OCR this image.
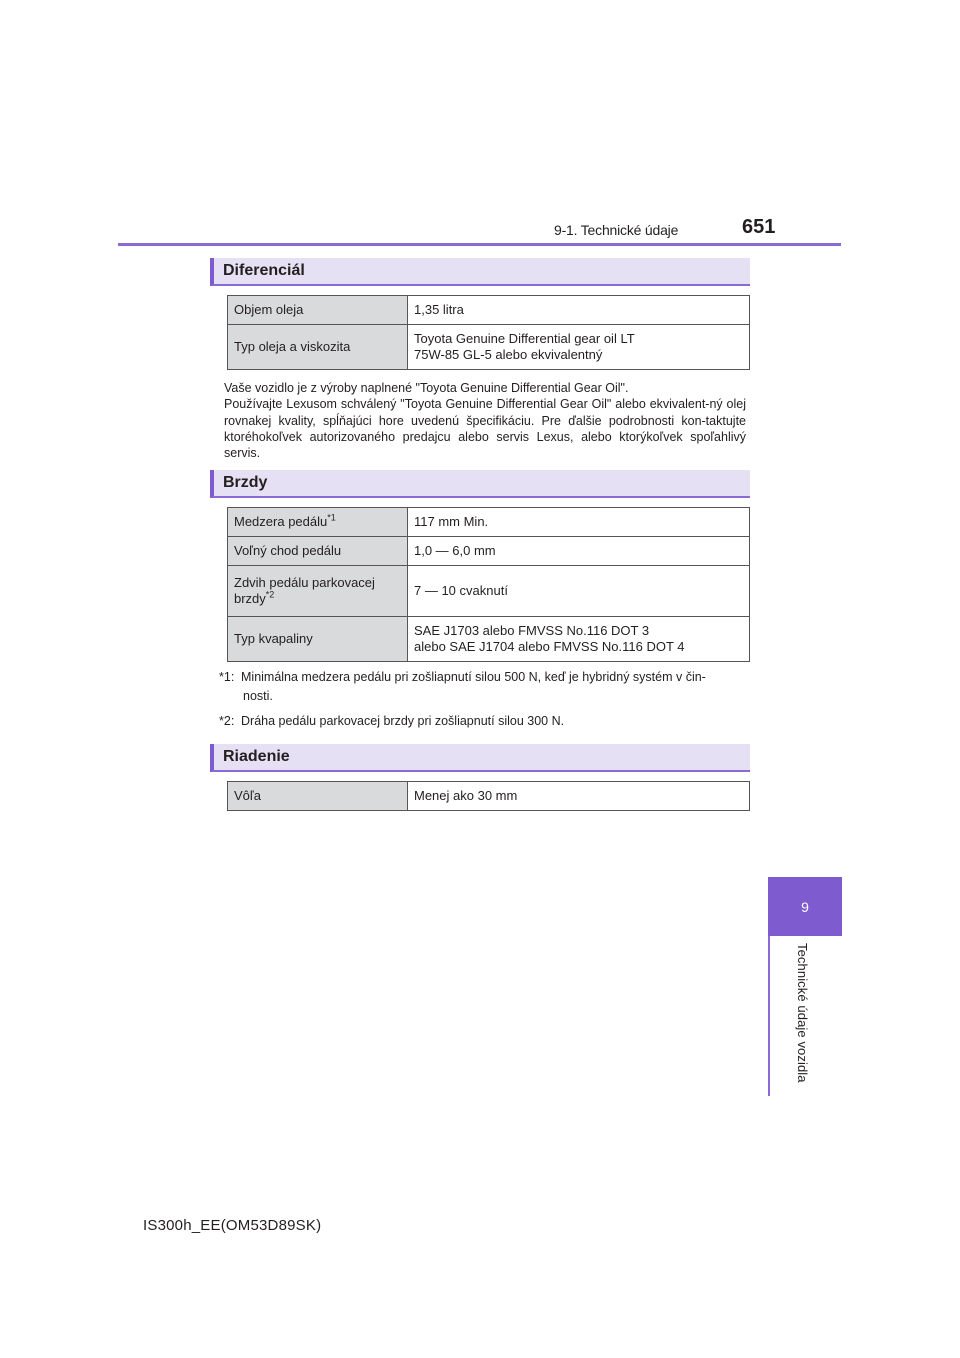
9-1. Technické údaje	651
9
Technické údaje vozidla
Diferenciál
Objem oleja	1,35 litra
Typ oleja a viskozita	Toyota Genuine Differential gear oil LT
75W-85 GL-5 alebo ekvivalentný

Vaše vozidlo je z výroby naplnené "Toyota Genuine Differential Gear Oil".

Používajte Lexusom schválený "Toyota Genuine Differential Gear Oil" alebo ekvivalent-ný olej rovnakej kvality, spĺňajúci hore uvedenú špecifikáciu. Pre ďalšie podrobnosti kon-taktujte ktoréhokoľvek autorizovaného predajcu alebo servis Lexus, alebo ktorýkoľvek spoľahlivý servis.

Brzdy
Medzera pedálu$^{*1}$	117 mm Min.
Voľný chod pedálu	1,0 — 6,0 mm

Zdvih pedálu parkovacej
brzdy$^{*2}$	7 — 10 cvaknutí
Typ kvapaliny	SAE J1703 alebo FMVSS No.116 DOT 3
alebo SAE J1704 alebo FMVSS No.116 DOT 4
*1: Minimálna medzera pedálu pri zošliapnutí silou 500 N, keď je hybridný systém v čin-
nosti.
*2: Dráha pedálu parkovacej brzdy pri zošliapnutí silou 300 N.
Riadenie
Vôľa	Menej ako 30 mm
IS300h_EE(OM53D89SK)
